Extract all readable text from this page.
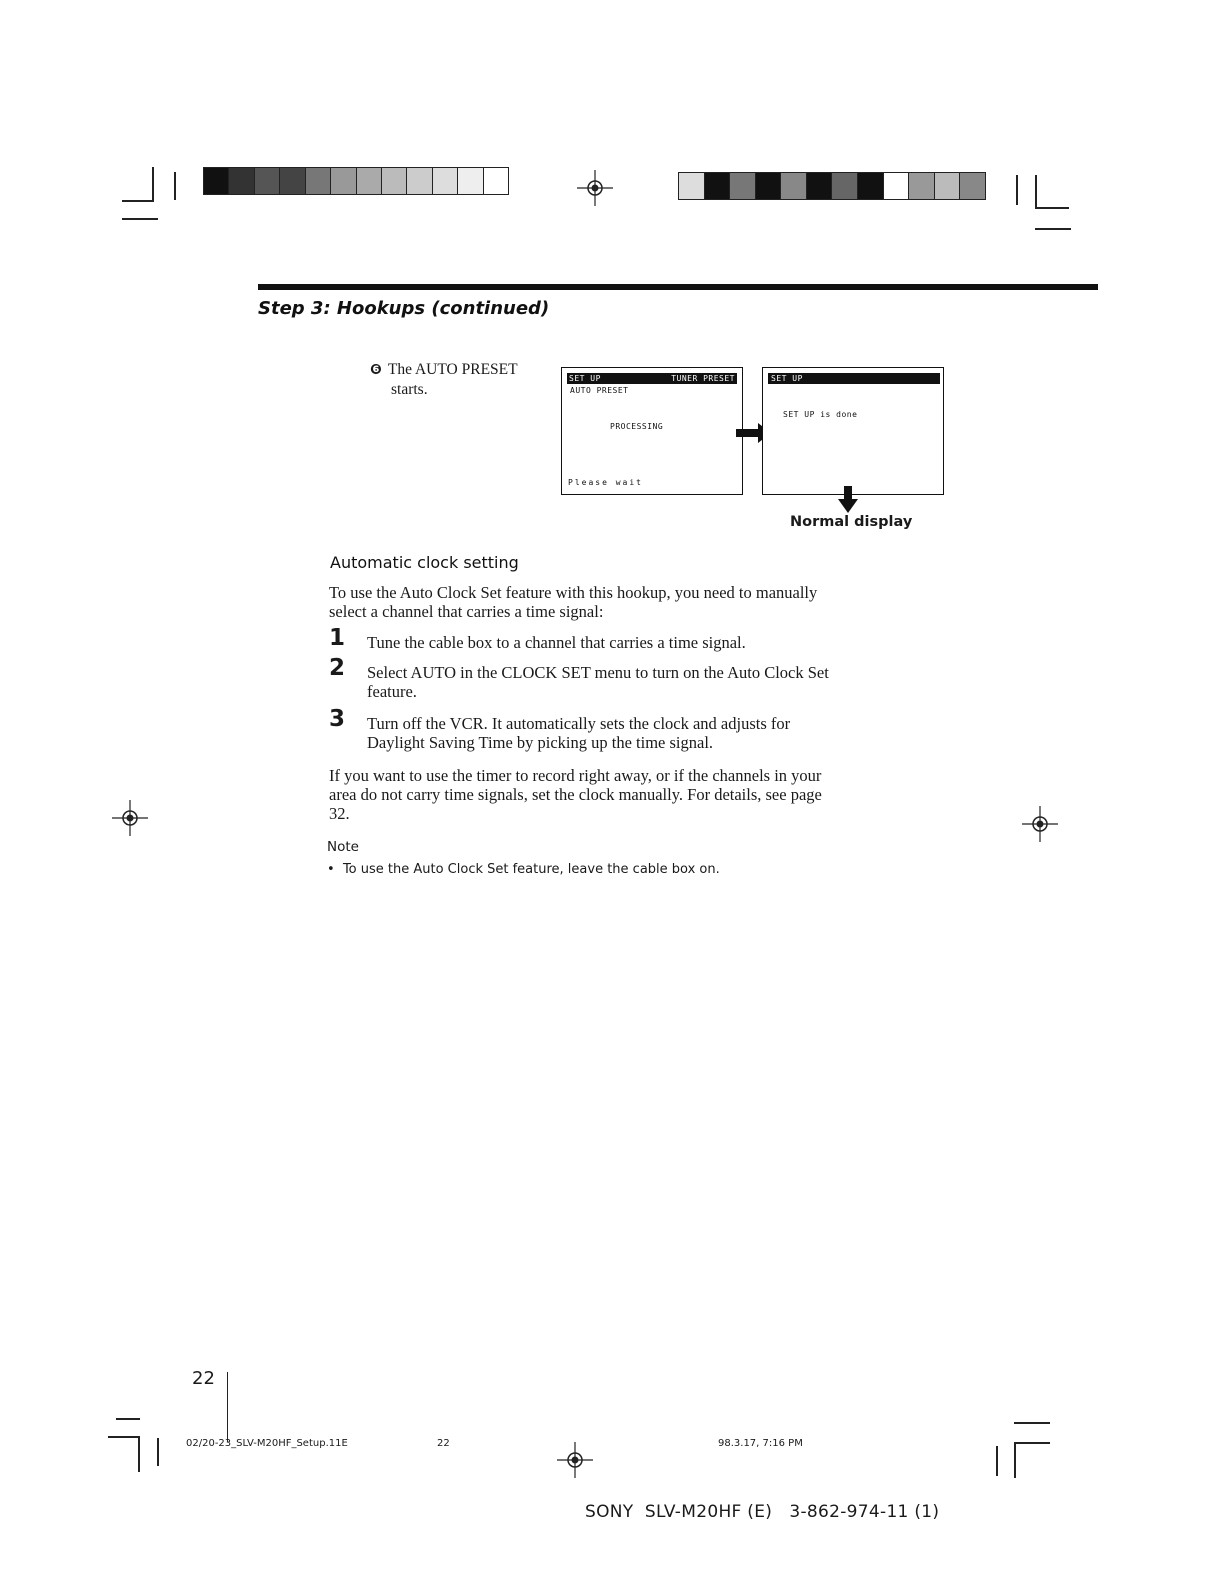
Step 3: Hookups (continued)
❻ The AUTO PRESET
starts.
SET UP	TUNER PRESET
AUTO PRESET
PROCESSING
Please wait
SET UP
SET UP is done
Normal display
Automatic clock setting
To use the Auto Clock Set feature with this hookup, you need to manually
select a channel that carries a time signal:
1 Tune the cable box to a channel that carries a time signal.
2 Select AUTO in the CLOCK SET menu to turn on the Auto Clock Set
feature.
3 Turn off the VCR. It automatically sets the clock and adjusts for
Daylight Saving Time by picking up the time signal.
If you want to use the timer to record right away, or if the channels in your
area do not carry time signals, set the clock manually. For details, see page
32.
Note
•  To use the Auto Clock Set feature, leave the cable box on.
22
02/20-23_SLV-M20HF_Setup.11E	22	98.3.17, 7:16 PM
SONY  SLV-M20HF (E)   3-862-974-11 (1)
